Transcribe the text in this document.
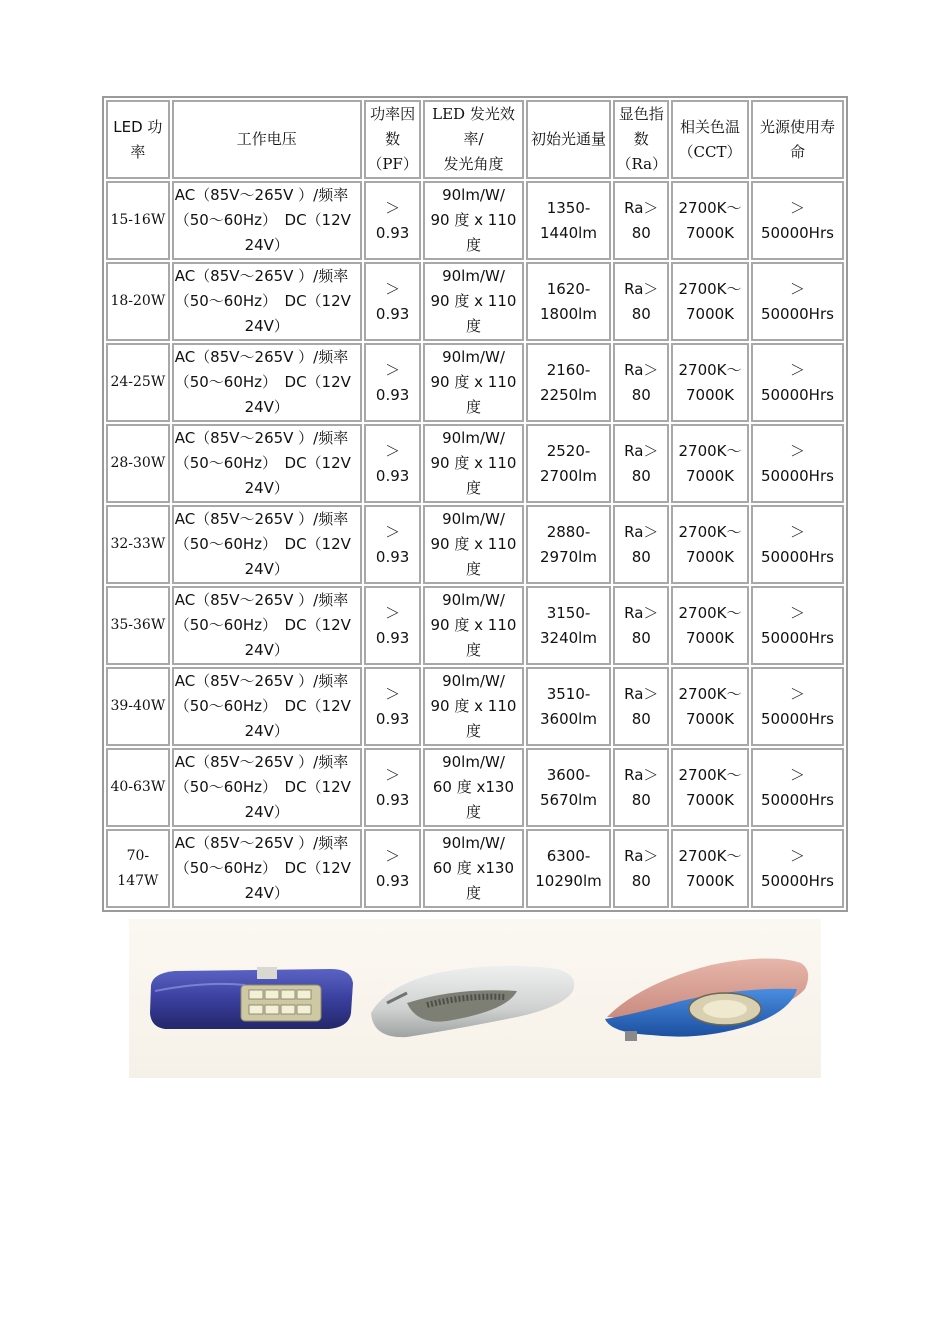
LED 功
率	工作电压	功率因
数（PF）	LED 发光效
率/
发光角度	初始光通量	显色指
数（Ra）	相关色温
（CCT）	光源使用寿
命

15-16W	AC（85V～265V ）/频率
（50～60Hz）　DC（12V
24V）	＞
0.93	90lm/W/
90 度 x 110
度	1350-
1440lm	Ra＞
80	2700K～
7000K	＞
50000Hrs

18-20W	AC（85V～265V ）/频率
（50～60Hz）　DC（12V
24V）	＞
0.93	90lm/W/
90 度 x 110
度	1620-
1800lm	Ra＞
80	2700K～
7000K	＞
50000Hrs

24-25W	AC（85V～265V ）/频率
（50～60Hz）　DC（12V
24V）	＞
0.93	90lm/W/
90 度 x 110
度	2160-
2250lm	Ra＞
80	2700K～
7000K	＞
50000Hrs

28-30W	AC（85V～265V ）/频率
（50～60Hz）　DC（12V
24V）	＞
0.93	90lm/W/
90 度 x 110
度	2520-
2700lm	Ra＞
80	2700K～
7000K	＞
50000Hrs

32-33W	AC（85V～265V ）/频率
（50～60Hz）　DC（12V
24V）	＞
0.93	90lm/W/
90 度 x 110
度	2880-
2970lm	Ra＞
80	2700K～
7000K	＞
50000Hrs

35-36W	AC（85V～265V ）/频率
（50～60Hz）　DC（12V
24V）	＞
0.93	90lm/W/
90 度 x 110
度	3150-
3240lm	Ra＞
80	2700K～
7000K	＞
50000Hrs

39-40W	AC（85V～265V ）/频率
（50～60Hz）　DC（12V
24V）	＞
0.93	90lm/W/
90 度 x 110
度	3510-
3600lm	Ra＞
80	2700K～
7000K	＞
50000Hrs

40-63W	AC（85V～265V ）/频率
（50～60Hz）　DC（12V
24V）	＞
0.93	90lm/W/
60 度 x130
度	3600-
5670lm	Ra＞
80	2700K～
7000K	＞
50000Hrs

70-147W	AC（85V～265V ）/频率
（50～60Hz）　DC（12V
24V）	＞
0.93	90lm/W/
60 度 x130
度	6300-
10290lm	Ra＞
80	2700K～
7000K	＞
50000Hrs
